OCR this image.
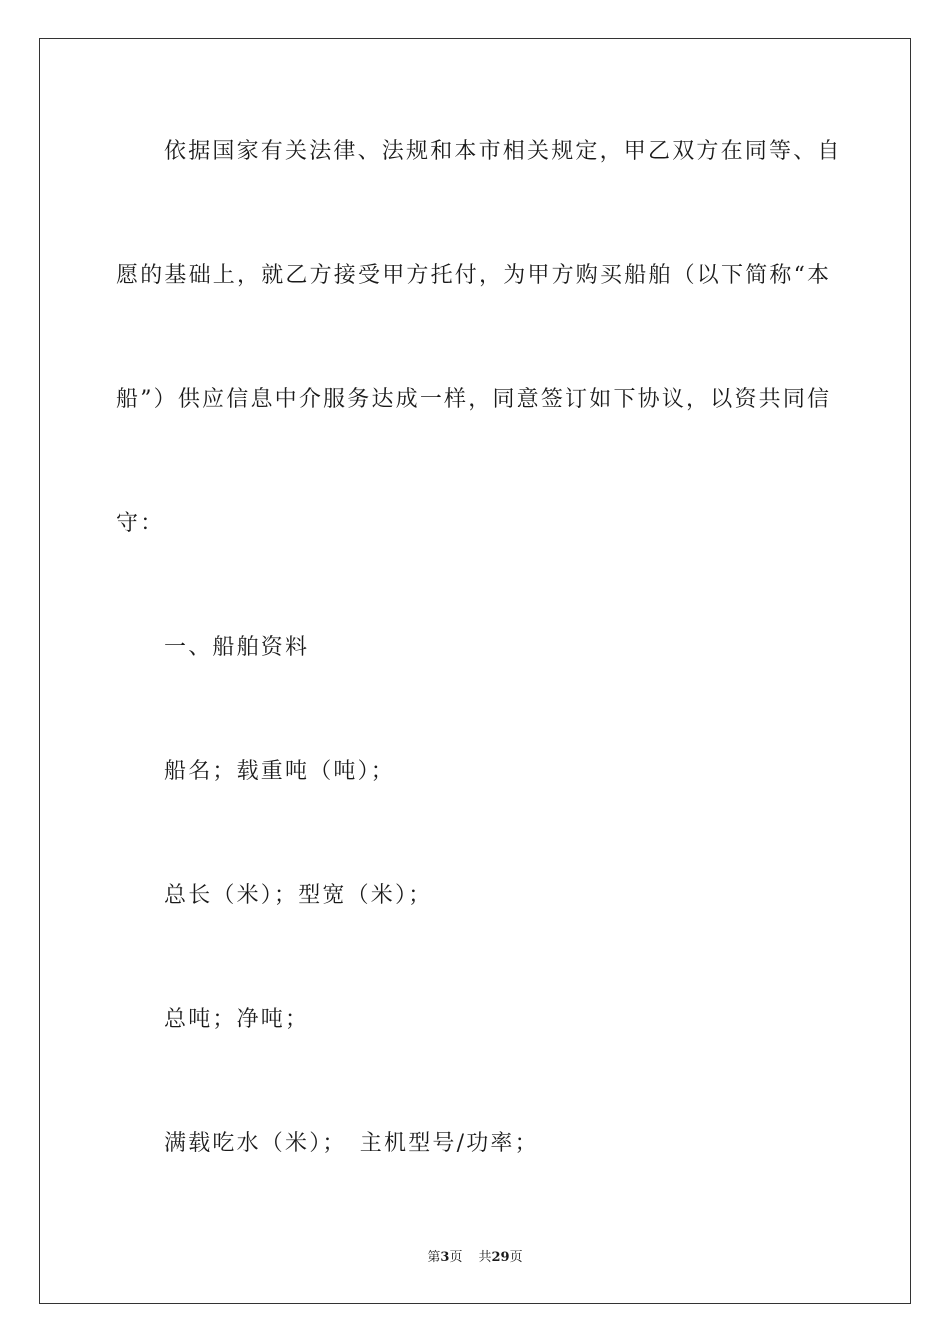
依据国家有关法律、法规和本市相关规定，甲乙双方在同等、自
愿的基础上，就乙方接受甲方托付，为甲方购买船舶（以下简称“本
船”）供应信息中介服务达成一样，同意签订如下协议，以资共同信
守：
一、船舶资料
船名；载重吨（吨）；
总长（米）；型宽（米）；
总吨；净吨；
满载吃水（米）；　主机型号/功率；
第3页 共29页
